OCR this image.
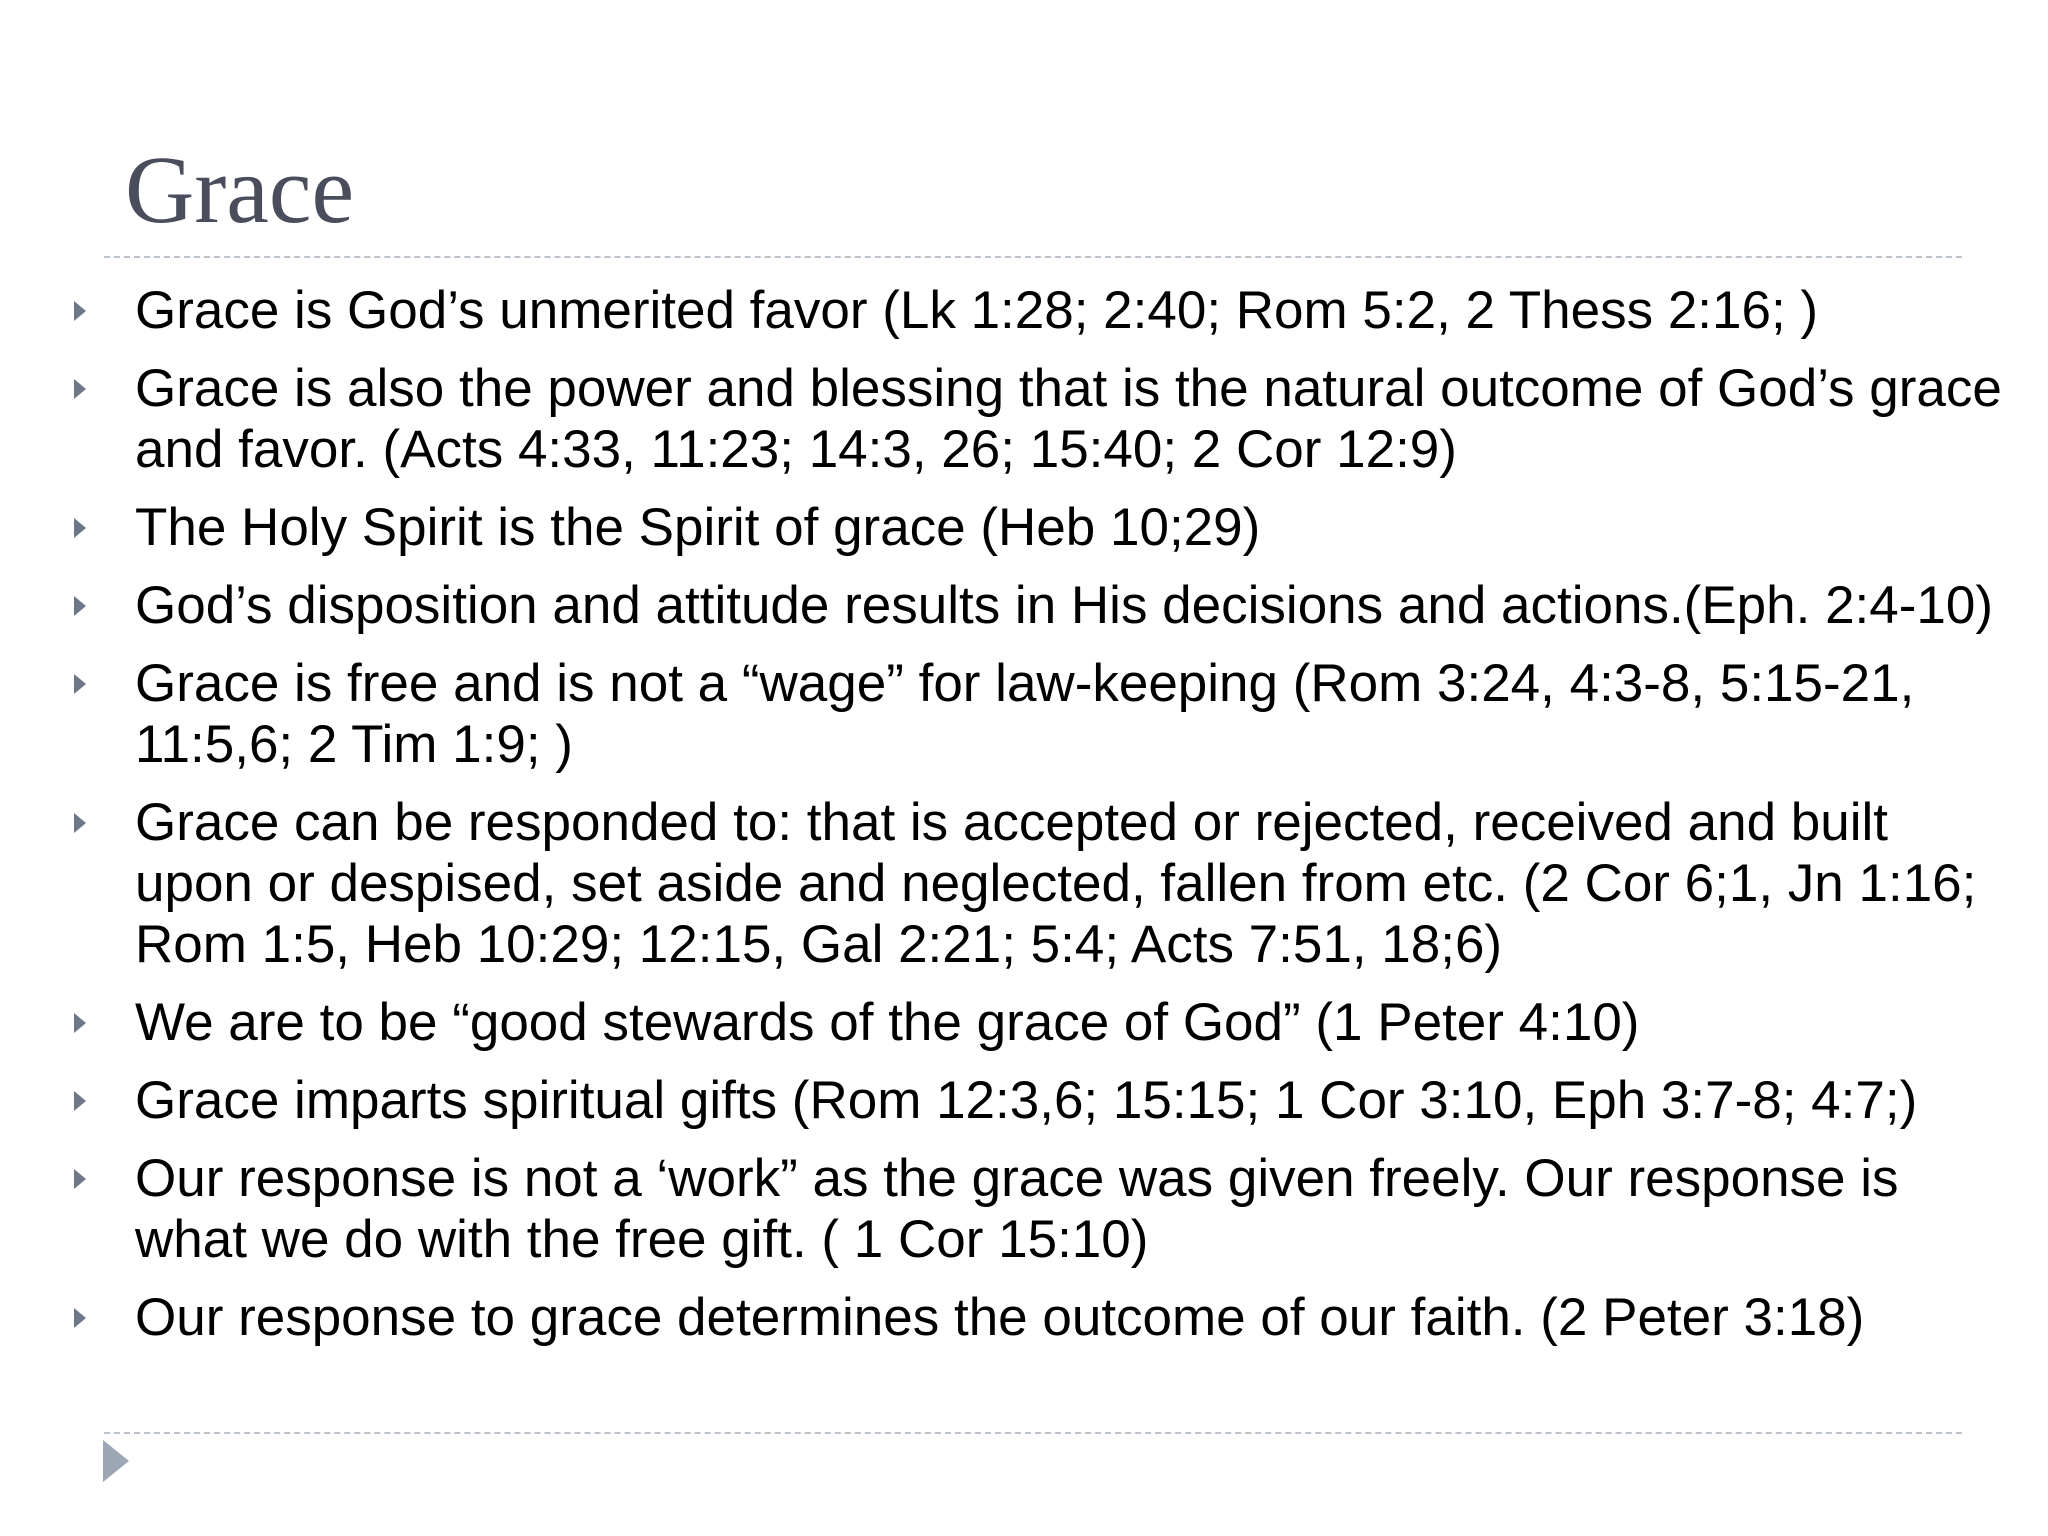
Grace
Grace is God’s unmerited favor (Lk 1:28; 2:40; Rom 5:2, 2 Thess 2:16; )
Grace is also the power and blessing that is the natural outcome of God’s grace and favor. (Acts 4:33, 11:23; 14:3, 26; 15:40; 2 Cor 12:9)
The Holy Spirit is the Spirit of grace (Heb 10;29)
God’s disposition and attitude results in His decisions and actions.(Eph. 2:4-10)
Grace is free and is not a “wage” for law-keeping (Rom 3:24, 4:3-8, 5:15-21, 11:5,6; 2 Tim 1:9; )
Grace can be responded to: that is accepted or rejected, received and built upon or despised, set aside and neglected, fallen from etc. (2 Cor 6;1, Jn 1:16; Rom 1:5, Heb 10:29; 12:15, Gal 2:21; 5:4; Acts 7:51, 18;6)
We are to be “good stewards of the grace of God” (1 Peter 4:10)
Grace imparts spiritual gifts (Rom 12:3,6; 15:15; 1 Cor 3:10, Eph 3:7-8; 4:7;)
Our response is not a ‘work” as the grace was given freely. Our response is what we do with the free gift. ( 1 Cor 15:10)
Our response to grace determines the outcome of our faith. (2 Peter 3:18)
